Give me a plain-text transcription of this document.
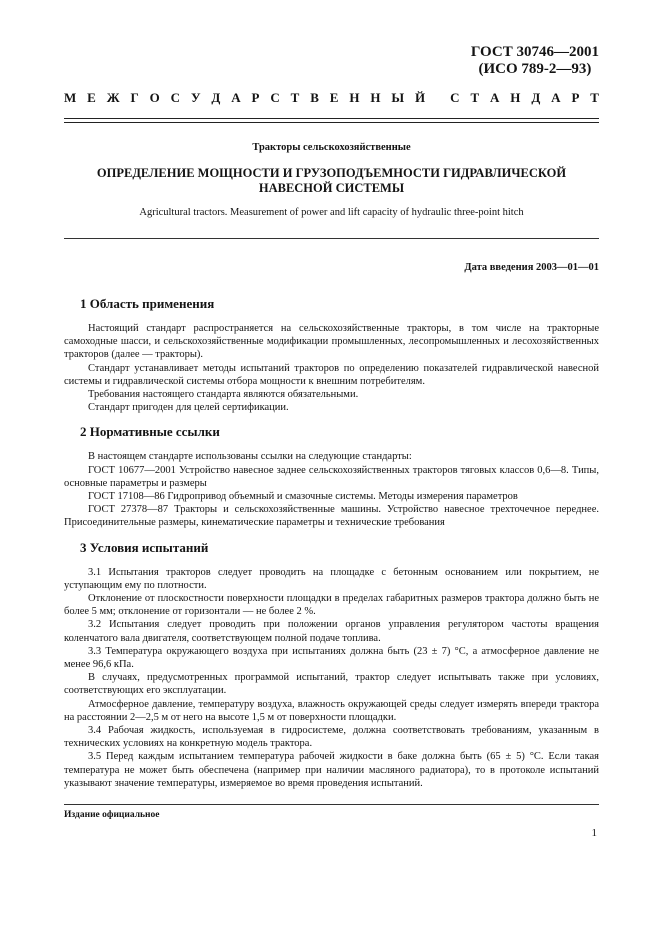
ГОСТ 30746—2001
(ИСО 789-2—93)
М Е Ж Г О С У Д А Р С Т В Е Н Н Ы Й
С Т А Н Д А Р Т
Тракторы сельскохозяйственные
ОПРЕДЕЛЕНИЕ МОЩНОСТИ И ГРУЗОПОДЪЕМНОСТИ ГИДРАВЛИЧЕСКОЙ
НАВЕСНОЙ СИСТЕМЫ
Agricultural tractors. Measurement of power and lift capacity of hydraulic three-point hitch
Дата введения 2003—01—01
1 Область применения

Настоящий стандарт распространяется на сельскохозяйственные тракторы, в том числе на тракторные самоходные шасси, и сельскохозяйственные модификации промышленных, лесопромышленных и лесохозяйственных тракторов (далее — тракторы).

Стандарт устанавливает методы испытаний тракторов по определению показателей гидравлической навесной системы и гидравлической системы отбора мощности к внешним потребителям.

Требования настоящего стандарта являются обязательными.

Стандарт пригоден для целей сертификации.

2 Нормативные ссылки

В настоящем стандарте использованы ссылки на следующие стандарты:

ГОСТ 10677—2001 Устройство навесное заднее сельскохозяйственных тракторов тяговых классов 0,6—8. Типы, основные параметры и размеры

ГОСТ 17108—86 Гидропривод объемный и смазочные системы. Методы измерения параметров

ГОСТ 27378—87 Тракторы и сельскохозяйственные машины. Устройство навесное трехточечное переднее. Присоединительные размеры, кинематические параметры и технические требования

3 Условия испытаний

3.1 Испытания тракторов следует проводить на площадке с бетонным основанием или покрытием, не уступающим ему по плотности.

Отклонение от плоскостности поверхности площадки в пределах габаритных размеров трактора должно быть не более 5 мм; отклонение от горизонтали — не более 2 %.

3.2 Испытания следует проводить при положении органов управления регулятором частоты вращения коленчатого вала двигателя, соответствующем полной подаче топлива.

3.3 Температура окружающего воздуха при испытаниях должна быть (23 ± 7) °С, а атмосферное давление не менее 96,6 кПа.

В случаях, предусмотренных программой испытаний, трактор следует испытывать также при условиях, соответствующих его эксплуатации.

Атмосферное давление, температуру воздуха, влажность окружающей среды следует измерять впереди трактора на расстоянии 2—2,5 м от него на высоте 1,5 м от поверхности площадки.

3.4 Рабочая жидкость, используемая в гидросистеме, должна соответствовать требованиям, указанным в технических условиях на конкретную модель трактора.

3.5 Перед каждым испытанием температура рабочей жидкости в баке должна быть (65 ± 5) °С. Если такая температура не может быть обеспечена (например при наличии масляного радиатора), то в протоколе испытаний указывают значение температуры, измеряемое во время проведения испытаний.

Издание официальное
1
